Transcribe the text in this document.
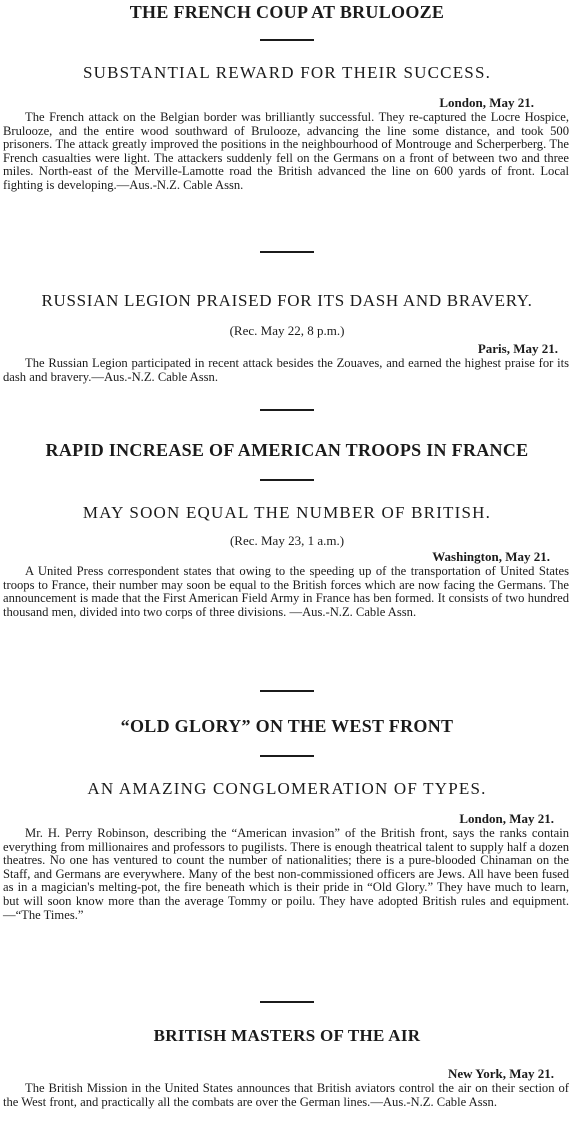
THE FRENCH COUP AT BRULOOZE
SUBSTANTIAL REWARD FOR THEIR SUCCESS.
London, May 21.
The French attack on the Belgian border was brilliantly successful. They re-captured the Locre Hospice, Brulooze, and the entire wood southward of Brulooze, advancing the line some distance, and took 500 prisoners. The attack greatly improved the positions in the neighbourhood of Montrouge and Scherperberg. The French casualties were light. The attackers suddenly fell on the Germans on a front of between two and three miles. North-east of the Merville-Lamotte road the British advanced the line on 600 yards of front. Local fighting is developing.—Aus.-N.Z. Cable Assn.
RUSSIAN LEGION PRAISED FOR ITS DASH AND BRAVERY.
(Rec. May 22, 8 p.m.)
Paris, May 21.
The Russian Legion participated in recent attack besides the Zouaves, and earned the highest praise for its dash and bravery.—Aus.-N.Z. Cable Assn.
RAPID INCREASE OF AMERICAN TROOPS IN FRANCE
MAY SOON EQUAL THE NUMBER OF BRITISH.
(Rec. May 23, 1 a.m.)
Washington, May 21.
A United Press correspondent states that owing to the speeding up of the transportation of United States troops to France, their number may soon be equal to the British forces which are now facing the Germans. The announcement is made that the First American Field Army in France has ben formed. It consists of two hundred thousand men, divided into two corps of three divisions. —Aus.-N.Z. Cable Assn.
“OLD GLORY” ON THE WEST FRONT
AN AMAZING CONGLOMERATION OF TYPES.
London, May 21.
Mr. H. Perry Robinson, describing the “American invasion” of the British front, says the ranks contain everything from millionaires and professors to pugilists. There is enough theatrical talent to supply half a dozen theatres. No one has ventured to count the number of nationalities; there is a pure-blooded Chinaman on the Staff, and Germans are everywhere. Many of the best non-commissioned officers are Jews. All have been fused as in a magician's melting-pot, the fire beneath which is their pride in “Old Glory.” They have much to learn, but will soon know more than the average Tommy or poilu. They have adopted British rules and equipment.—“The Times.”
BRITISH MASTERS OF THE AIR
New York, May 21.
The British Mission in the United States announces that British aviators control the air on their section of the West front, and practically all the combats are over the German lines.—Aus.-N.Z. Cable Assn.
